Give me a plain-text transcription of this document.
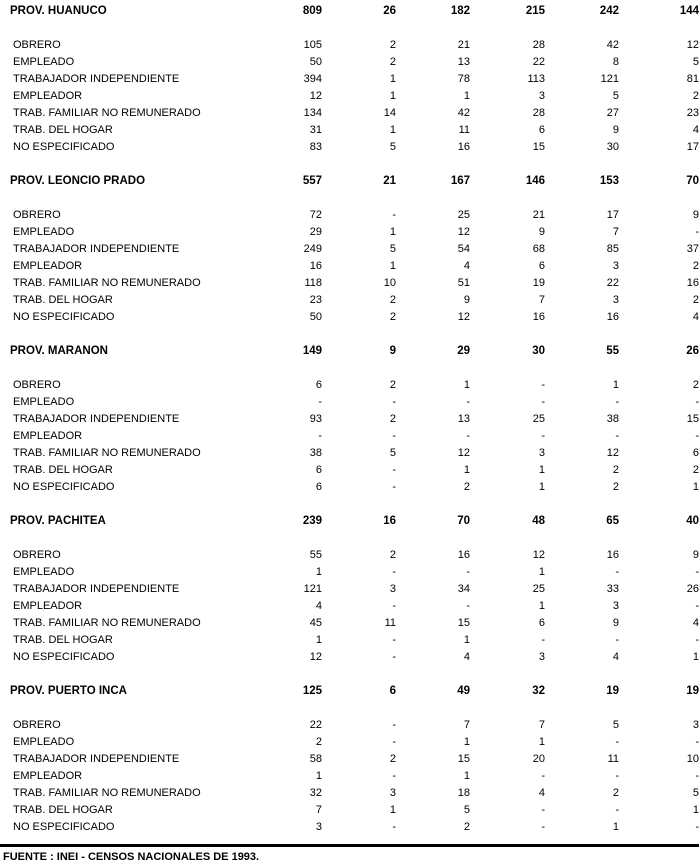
PROV. HUANUCO	809	26	182	215	242	144
OBRERO	105	2	21	28	42	12
EMPLEADO	50	2	13	22	8	5
TRABAJADOR INDEPENDIENTE	394	1	78	113	121	81
EMPLEADOR	12	1	1	3	5	2
TRAB. FAMILIAR NO REMUNERADO	134	14	42	28	27	23
TRAB. DEL HOGAR	31	1	11	6	9	4
NO ESPECIFICADO	83	5	16	15	30	17
PROV. LEONCIO PRADO	557	21	167	146	153	70
OBRERO	72	-	25	21	17	9
EMPLEADO	29	1	12	9	7	-
TRABAJADOR INDEPENDIENTE	249	5	54	68	85	37
EMPLEADOR	16	1	4	6	3	2
TRAB. FAMILIAR NO REMUNERADO	118	10	51	19	22	16
TRAB. DEL HOGAR	23	2	9	7	3	2
NO ESPECIFICADO	50	2	12	16	16	4
PROV. MARAÑON	149	9	29	30	55	26
OBRERO	6	2	1	-	1	2
EMPLEADO	-	-	-	-	-	-
TRABAJADOR INDEPENDIENTE	93	2	13	25	38	15
EMPLEADOR	-	-	-	-	-	-
TRAB. FAMILIAR NO REMUNERADO	38	5	12	3	12	6
TRAB. DEL HOGAR	6	-	1	1	2	2
NO ESPECIFICADO	6	-	2	1	2	1
PROV. PACHITEA	239	16	70	48	65	40
OBRERO	55	2	16	12	16	9
EMPLEADO	1	-	-	1	-	-
TRABAJADOR INDEPENDIENTE	121	3	34	25	33	26
EMPLEADOR	4	-	-	1	3	-
TRAB. FAMILIAR NO REMUNERADO	45	11	15	6	9	4
TRAB. DEL HOGAR	1	-	1	-	-	-
NO ESPECIFICADO	12	-	4	3	4	1
PROV. PUERTO INCA	125	6	49	32	19	19
OBRERO	22	-	7	7	5	3
EMPLEADO	2	-	1	1	-	-
TRABAJADOR INDEPENDIENTE	58	2	15	20	11	10
EMPLEADOR	1	-	1	-	-	-
TRAB. FAMILIAR NO REMUNERADO	32	3	18	4	2	5
TRAB. DEL HOGAR	7	1	5	-	-	1
NO ESPECIFICADO	3	-	2	-	1	-
FUENTE : INEI - CENSOS NACIONALES DE 1993.
